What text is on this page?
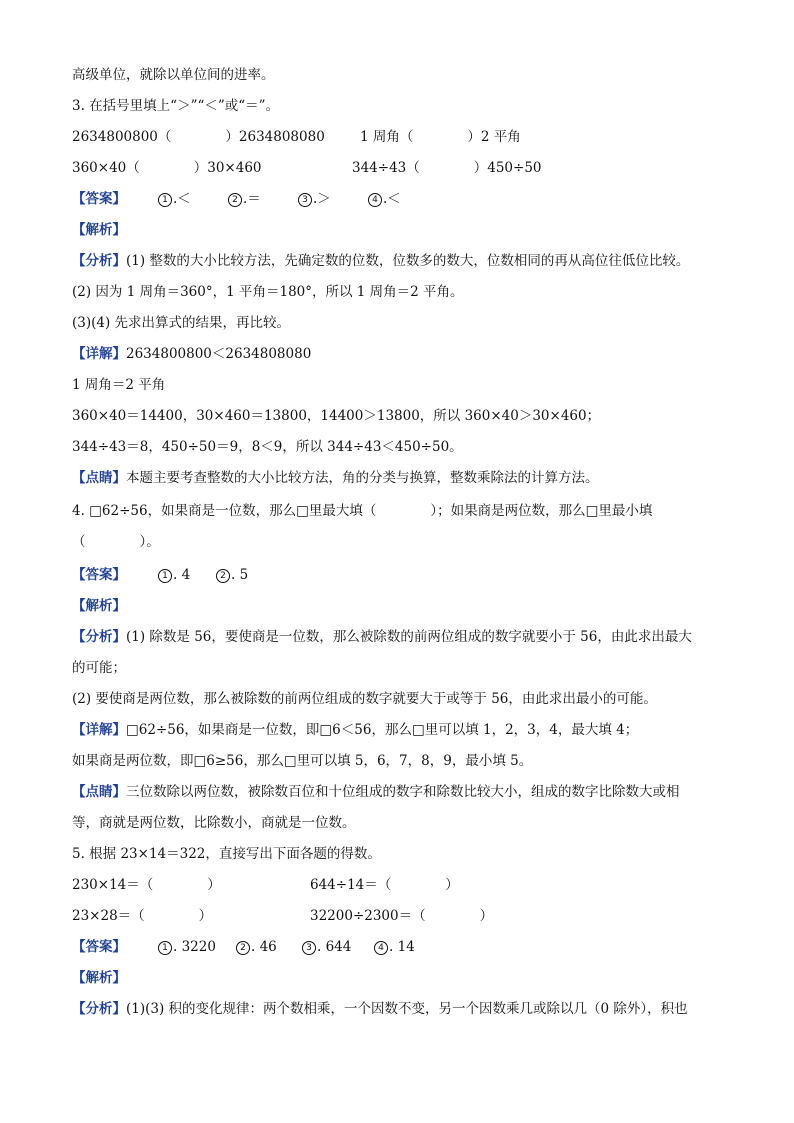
高级单位，就除以单位间的进率。
3. 在括号里填上“＞”“＜”或“＝”。
2634800800（　　　　）2634808080	1 周角（　　　　）2 平角
360×40（　　　　）30×460	344÷43（　　　　）450÷50
【答案】	1 .＜	2 .＝	3 .＞	4 .＜
【解析】
【分析】(1) 整数的大小比较方法，先确定数的位数，位数多的数大，位数相同的再从高位往低位比较。
(2) 因为 1 周角＝360°，1 平角＝180°，所以 1 周角＝2 平角。
(3)(4) 先求出算式的结果，再比较。
【详解】2634800800＜2634808080
1 周角＝2 平角
360×40＝14400，30×460＝13800，14400＞13800，所以 360×40＞30×460；
344÷43＝8，450÷50＝9，8＜9，所以 344÷43＜450÷50。
【点睛】本题主要考查整数的大小比较方法，角的分类与换算，整数乘除法的计算方法。
4. □62÷56，如果商是一位数，那么□里最大填（　　　　）；如果商是两位数，那么□里最小填
（　　　　）。
【答案】	1 . 4	2 . 5
【解析】
【分析】(1) 除数是 56，要使商是一位数，那么被除数的前两位组成的数字就要小于 56，由此求出最大
的可能；
(2) 要使商是两位数，那么被除数的前两位组成的数字就要大于或等于 56，由此求出最小的可能。
【详解】□62÷56，如果商是一位数，即□6＜56，那么□里可以填 1，2，3，4，最大填 4；
如果商是两位数，即□6≥56，那么□里可以填 5，6，7，8，9，最小填 5。
【点睛】三位数除以两位数，被除数百位和十位组成的数字和除数比较大小，组成的数字比除数大或相
等，商就是两位数，比除数小，商就是一位数。
5. 根据 23×14＝322，直接写出下面各题的得数。
230×14＝（　　　　）	644÷14＝（　　　　）
23×28＝（　　　　）	32200÷2300＝（　　　　）
【答案】	1 . 3220	2 . 46	3 . 644	4 . 14
【解析】
【分析】(1)(3) 积的变化规律：两个数相乘，一个因数不变，另一个因数乘几或除以几（0 除外），积也
